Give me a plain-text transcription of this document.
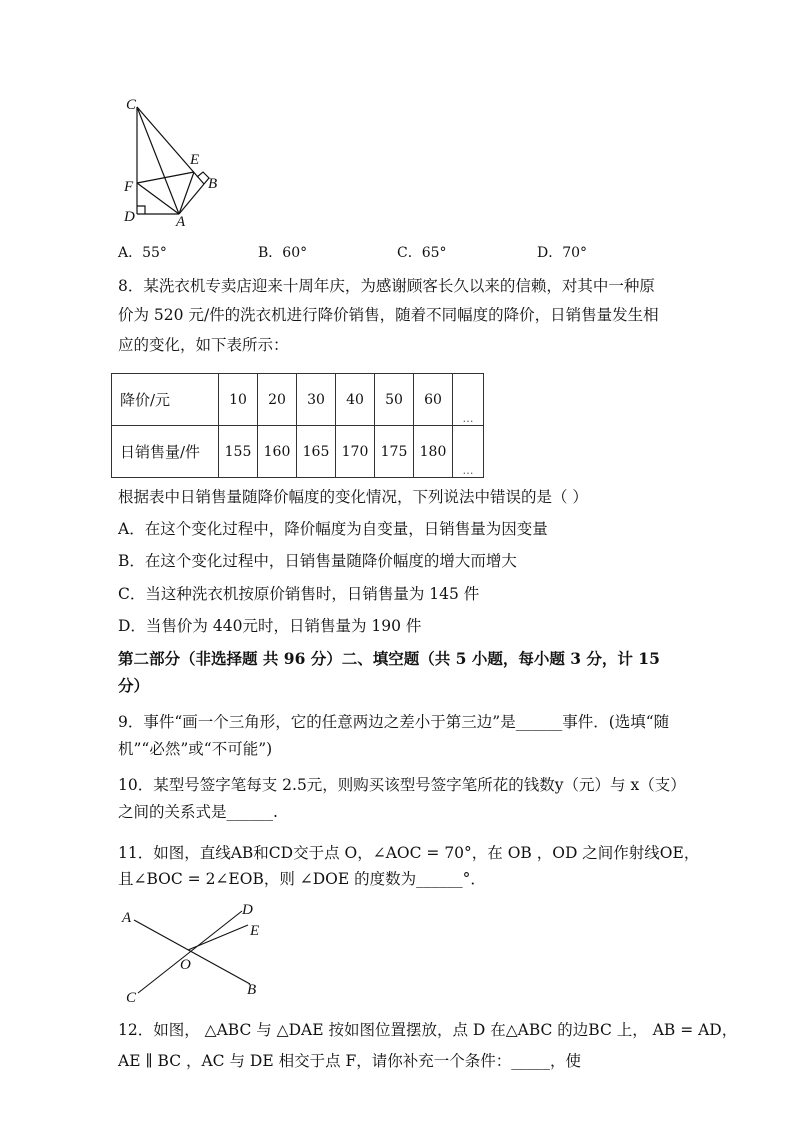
C
E
B
F
D	A
A．55°	B．60°	C．65°	D．70°
8．某洗衣机专卖店迎来十周年庆，为感谢顾客长久以来的信赖，对其中一种原
价为 520 元/件的洗衣机进行降价销售，随着不同幅度的降价，日销售量发生相
应的变化，如下表所示：
降价/元	10	20	30	40	50	60	…
日销售量/件	155	160	165	170	175	180	…
根据表中日销售量随降价幅度的变化情况，下列说法中错误的是（ ）
A．在这个变化过程中，降价幅度为自变量，日销售量为因变量
B．在这个变化过程中，日销售量随降价幅度的增大而增大
C．当这种洗衣机按原价销售时，日销售量为 145 件
D．当售价为 440元时，日销售量为 190 件
第二部分（非选择题 共 96 分）二、填空题（共 5 小题，每小题 3 分，计 15
分）
9．事件“画一个三角形，它的任意两边之差小于第三边”是______事件．(选填“随
机”“必然”或“不可能”)
10．某型号签字笔每支 2.5元，则购买该型号签字笔所花的钱数y（元）与 x（支）
之间的关系式是______.
11．如图，直线AB和CD交于点 O，∠AOC = 70°，在 OB ，OD 之间作射线OE，
且∠BOC = 2∠EOB，则 ∠DOE 的度数为______°．
A	D
E
O
C	B
12．如图， △ABC 与 △DAE 按如图位置摆放，点 D 在△ABC 的边BC 上， AB = AD，
AE ∥ BC ，AC 与 DE 相交于点 F，请你补充一个条件：_____，使
